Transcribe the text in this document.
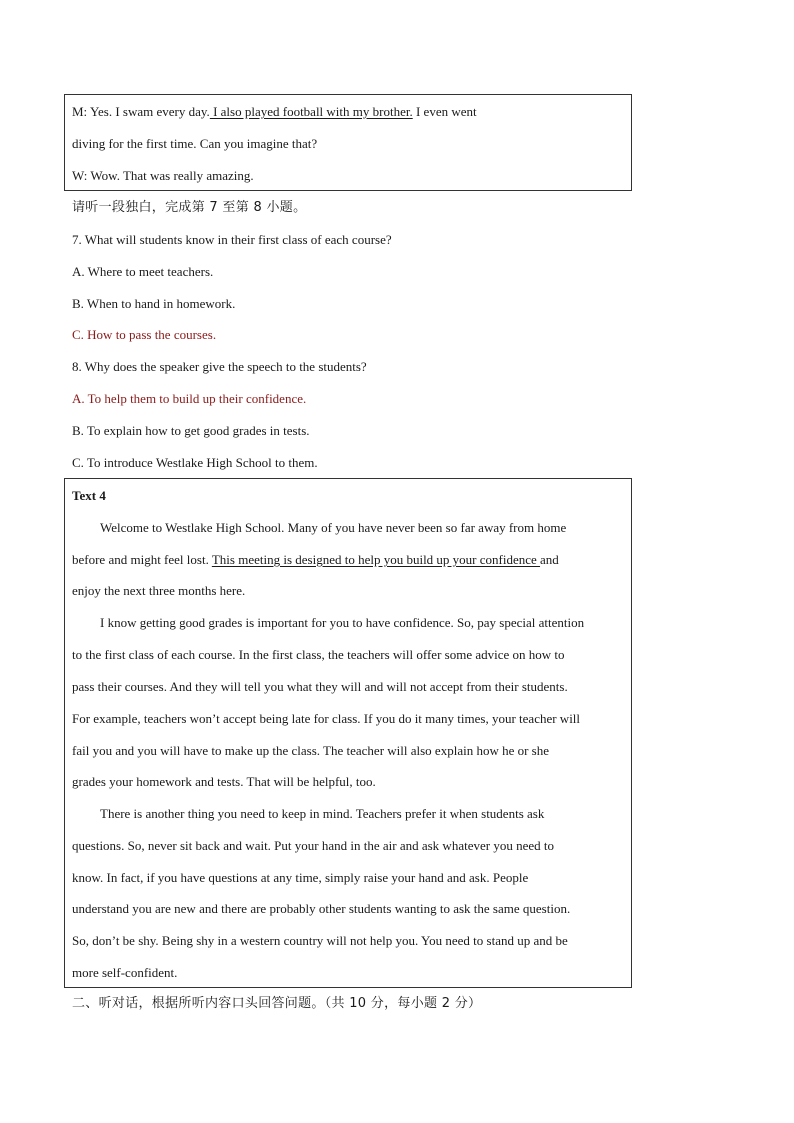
M: Yes. I swam every day. I also played football with my brother. I even went
diving for the first time. Can you imagine that?
W: Wow. That was really amazing.
请听一段独白，完成第 7 至第 8 小题。
7. What will students know in their first class of each course?
A. Where to meet teachers.
B. When to hand in homework.
C. How to pass the courses.
8. Why does the speaker give the speech to the students?
A. To help them to build up their confidence.
B. To explain how to get good grades in tests.
C. To introduce Westlake High School to them.
Text 4
Welcome to Westlake High School. Many of you have never been so far away from home
before and might feel lost. This meeting is designed to help you build up your confidence and
enjoy the next three months here.
I know getting good grades is important for you to have confidence. So, pay special attention
to the first class of each course. In the first class, the teachers will offer some advice on how to
pass their courses. And they will tell you what they will and will not accept from their students.
For example, teachers won’t accept being late for class. If you do it many times, your teacher will
fail you and you will have to make up the class. The teacher will also explain how he or she
grades your homework and tests. That will be helpful, too.
There is another thing you need to keep in mind. Teachers prefer it when students ask
questions. So, never sit back and wait. Put your hand in the air and ask whatever you need to
know. In fact, if you have questions at any time, simply raise your hand and ask. People
understand you are new and there are probably other students wanting to ask the same question.
So, don’t be shy. Being shy in a western country will not help you. You need to stand up and be
more self-confident.
二、听对话，根据所听内容口头回答问题。（共 10 分，每小题 2 分）
